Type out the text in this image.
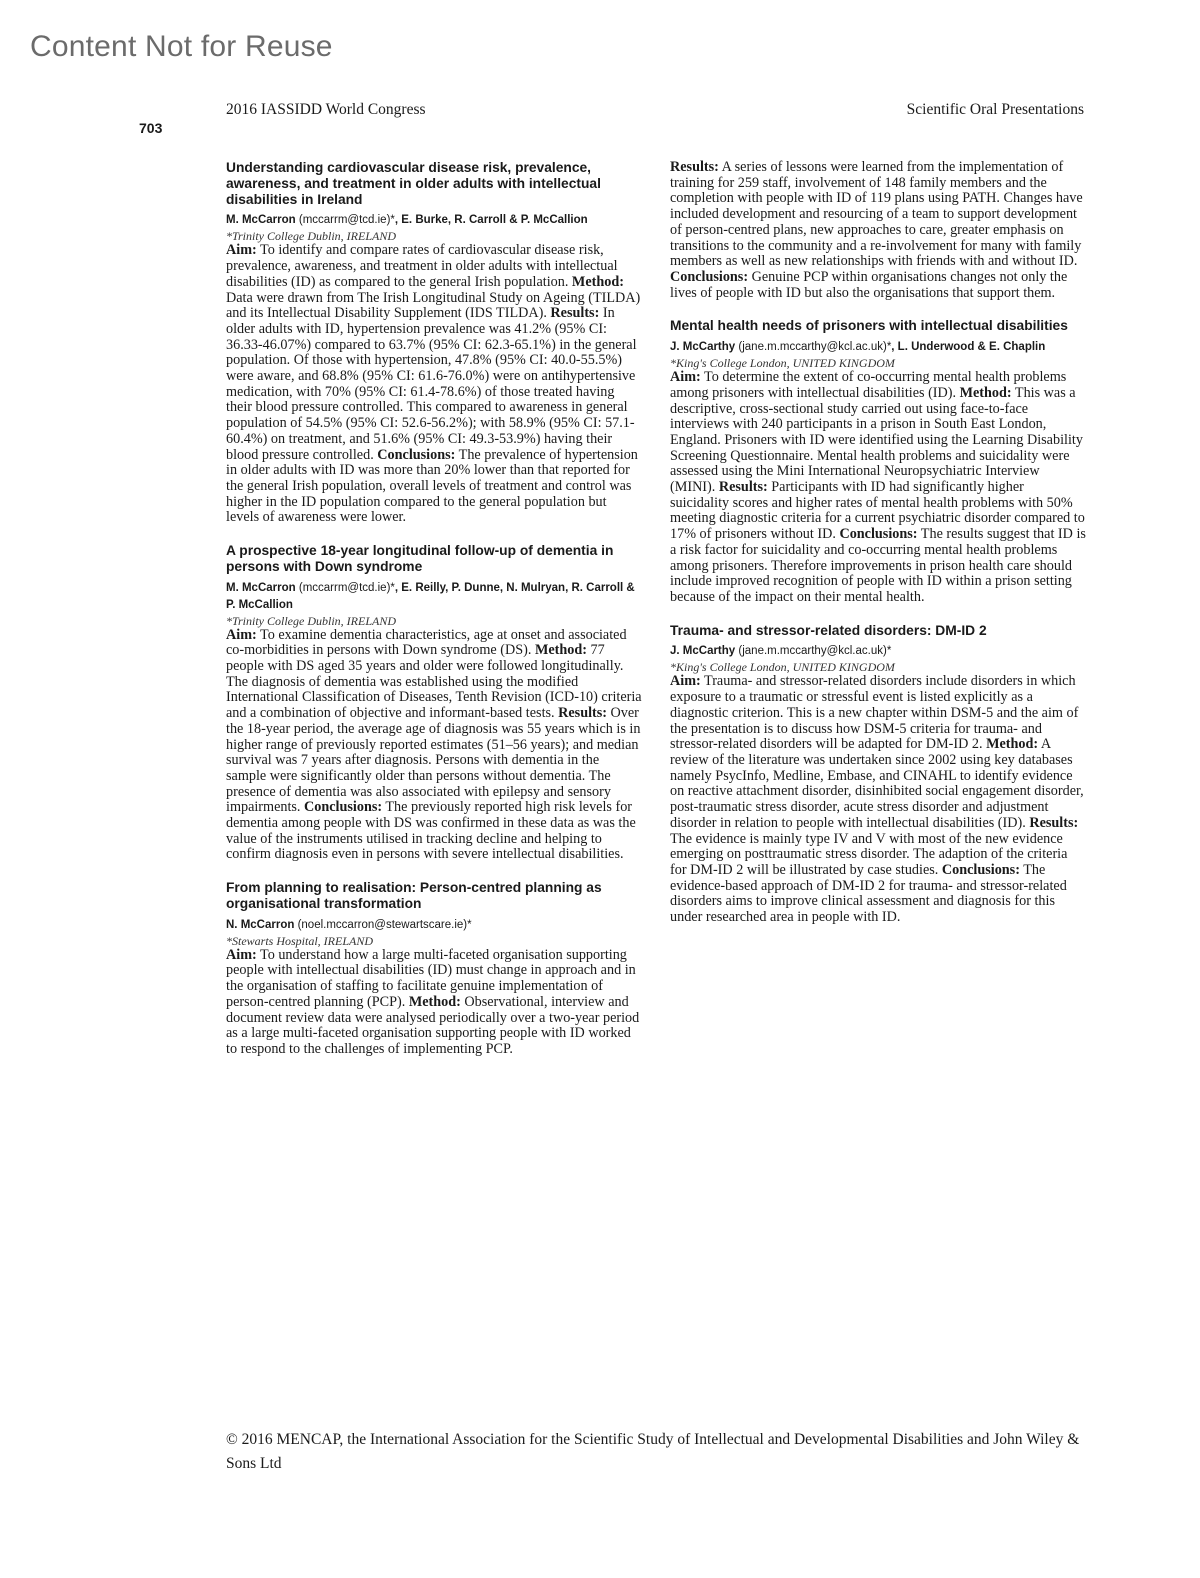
Content Not for Reuse
2016 IASSIDD World Congress	Scientific Oral Presentations
703
Understanding cardiovascular disease risk, prevalence, awareness, and treatment in older adults with intellectual disabilities in Ireland
M. McCarron (mccarrm@tcd.ie)*, E. Burke, R. Carroll & P. McCallion
*Trinity College Dublin, IRELAND
Aim: To identify and compare rates of cardiovascular disease risk, prevalence, awareness, and treatment in older adults with intellectual disabilities (ID) as compared to the general Irish population. Method: Data were drawn from The Irish Longitudinal Study on Ageing (TILDA) and its Intellectual Disability Supplement (IDS TILDA). Results: In older adults with ID, hypertension prevalence was 41.2% (95% CI: 36.33-46.07%) compared to 63.7% (95% CI: 62.3-65.1%) in the general population. Of those with hypertension, 47.8% (95% CI: 40.0-55.5%) were aware, and 68.8% (95% CI: 61.6-76.0%) were on antihypertensive medication, with 70% (95% CI: 61.4-78.6%) of those treated having their blood pressure controlled. This compared to awareness in general population of 54.5% (95% CI: 52.6-56.2%); with 58.9% (95% CI: 57.1-60.4%) on treatment, and 51.6% (95% CI: 49.3-53.9%) having their blood pressure controlled. Conclusions: The prevalence of hypertension in older adults with ID was more than 20% lower than that reported for the general Irish population, overall levels of treatment and control was higher in the ID population compared to the general population but levels of awareness were lower.
A prospective 18-year longitudinal follow-up of dementia in persons with Down syndrome
M. McCarron (mccarrm@tcd.ie)*, E. Reilly, P. Dunne, N. Mulryan, R. Carroll & P. McCallion
*Trinity College Dublin, IRELAND
Aim: To examine dementia characteristics, age at onset and associated co-morbidities in persons with Down syndrome (DS). Method: 77 people with DS aged 35 years and older were followed longitudinally. The diagnosis of dementia was established using the modified International Classification of Diseases, Tenth Revision (ICD-10) criteria and a combination of objective and informant-based tests. Results: Over the 18-year period, the average age of diagnosis was 55 years which is in higher range of previously reported estimates (51–56 years); and median survival was 7 years after diagnosis. Persons with dementia in the sample were significantly older than persons without dementia. The presence of dementia was also associated with epilepsy and sensory impairments. Conclusions: The previously reported high risk levels for dementia among people with DS was confirmed in these data as was the value of the instruments utilised in tracking decline and helping to confirm diagnosis even in persons with severe intellectual disabilities.
From planning to realisation: Person-centred planning as organisational transformation
N. McCarron (noel.mccarron@stewartscare.ie)*
*Stewarts Hospital, IRELAND
Aim: To understand how a large multi-faceted organisation supporting people with intellectual disabilities (ID) must change in approach and in the organisation of staffing to facilitate genuine implementation of person-centred planning (PCP). Method: Observational, interview and document review data were analysed periodically over a two-year period as a large multi-faceted organisation supporting people with ID worked to respond to the challenges of implementing PCP.
Results: A series of lessons were learned from the implementation of training for 259 staff, involvement of 148 family members and the completion with people with ID of 119 plans using PATH. Changes have included development and resourcing of a team to support development of person-centred plans, new approaches to care, greater emphasis on transitions to the community and a re-involvement for many with family members as well as new relationships with friends with and without ID. Conclusions: Genuine PCP within organisations changes not only the lives of people with ID but also the organisations that support them.
Mental health needs of prisoners with intellectual disabilities
J. McCarthy (jane.m.mccarthy@kcl.ac.uk)*, L. Underwood & E. Chaplin
*King's College London, UNITED KINGDOM
Aim: To determine the extent of co-occurring mental health problems among prisoners with intellectual disabilities (ID). Method: This was a descriptive, cross-sectional study carried out using face-to-face interviews with 240 participants in a prison in South East London, England. Prisoners with ID were identified using the Learning Disability Screening Questionnaire. Mental health problems and suicidality were assessed using the Mini International Neuropsychiatric Interview (MINI). Results: Participants with ID had significantly higher suicidality scores and higher rates of mental health problems with 50% meeting diagnostic criteria for a current psychiatric disorder compared to 17% of prisoners without ID. Conclusions: The results suggest that ID is a risk factor for suicidality and co-occurring mental health problems among prisoners. Therefore improvements in prison health care should include improved recognition of people with ID within a prison setting because of the impact on their mental health.
Trauma- and stressor-related disorders: DM-ID 2
J. McCarthy (jane.m.mccarthy@kcl.ac.uk)*
*King's College London, UNITED KINGDOM
Aim: Trauma- and stressor-related disorders include disorders in which exposure to a traumatic or stressful event is listed explicitly as a diagnostic criterion. This is a new chapter within DSM-5 and the aim of the presentation is to discuss how DSM-5 criteria for trauma- and stressor-related disorders will be adapted for DM-ID 2. Method: A review of the literature was undertaken since 2002 using key databases namely PsycInfo, Medline, Embase, and CINAHL to identify evidence on reactive attachment disorder, disinhibited social engagement disorder, post-traumatic stress disorder, acute stress disorder and adjustment disorder in relation to people with intellectual disabilities (ID). Results: The evidence is mainly type IV and V with most of the new evidence emerging on posttraumatic stress disorder. The adaption of the criteria for DM-ID 2 will be illustrated by case studies. Conclusions: The evidence-based approach of DM-ID 2 for trauma- and stressor-related disorders aims to improve clinical assessment and diagnosis for this under researched area in people with ID.
© 2016 MENCAP, the International Association for the Scientific Study of Intellectual and Developmental Disabilities and John Wiley & Sons Ltd
